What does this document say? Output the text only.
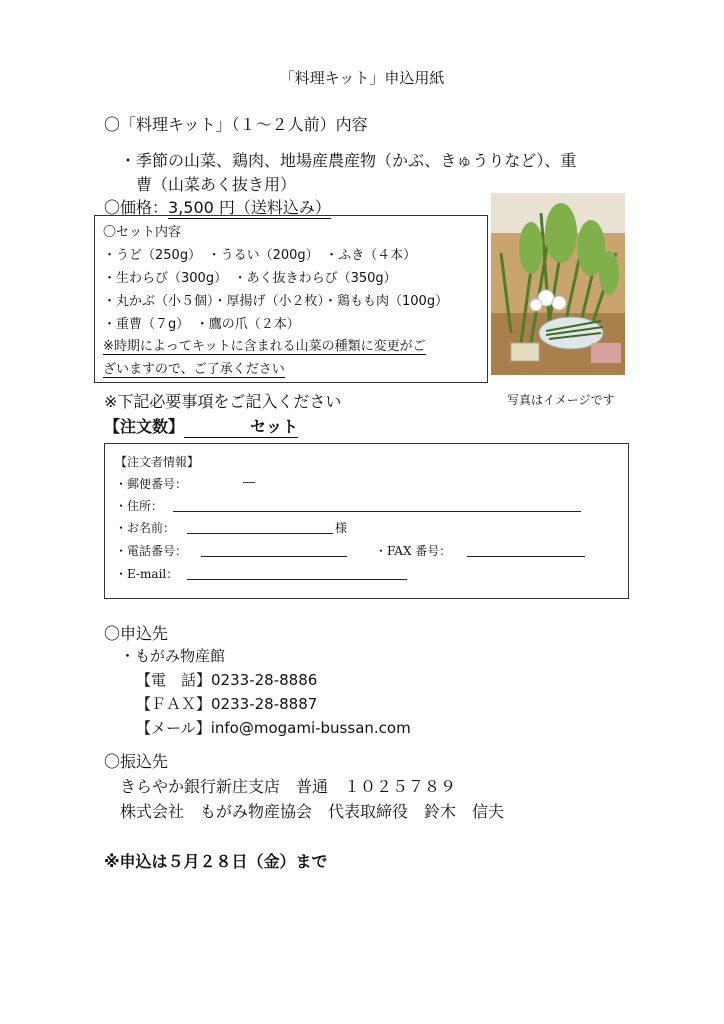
「料理キット」申込用紙
〇「料理キット」（１～２人前）内容
・季節の山菜、鶏肉、地場産農産物（かぶ、きゅうりなど）、重
曹（山菜あく抜き用）
〇価格：3,500 円（送料込み）
〇セット内容
・うど（250g）　・うるい（200g）　・ふき（４本）
・生わらび（300g）　・あく抜きわらび（350g）
・丸かぶ（小５個）・厚揚げ（小２枚）・鶏もも肉（100g）
・重曹（７g）　・鷹の爪（２本）
※時期によってキットに含まれる山菜の種類に変更がご
ざいますので、ご了承ください
写真はイメージです
※下記必要事項をご記入ください
【注文数】	セット
【注文者情報】
・郵便番号：	―
・住所：
・お名前：	様
・電話番号：	・FAX 番号：
・E-mail：
〇申込先
・もがみ物産館
【電　話】0233-28-8886
【ＦＡＸ】0233-28-8887
【メール】info@mogami-bussan.com
〇振込先
きらやか銀行新庄支店　普通　１０２５７８９
株式会社　もがみ物産協会　代表取締役　鈴木　信夫
※申込は５月２８日（金）まで
